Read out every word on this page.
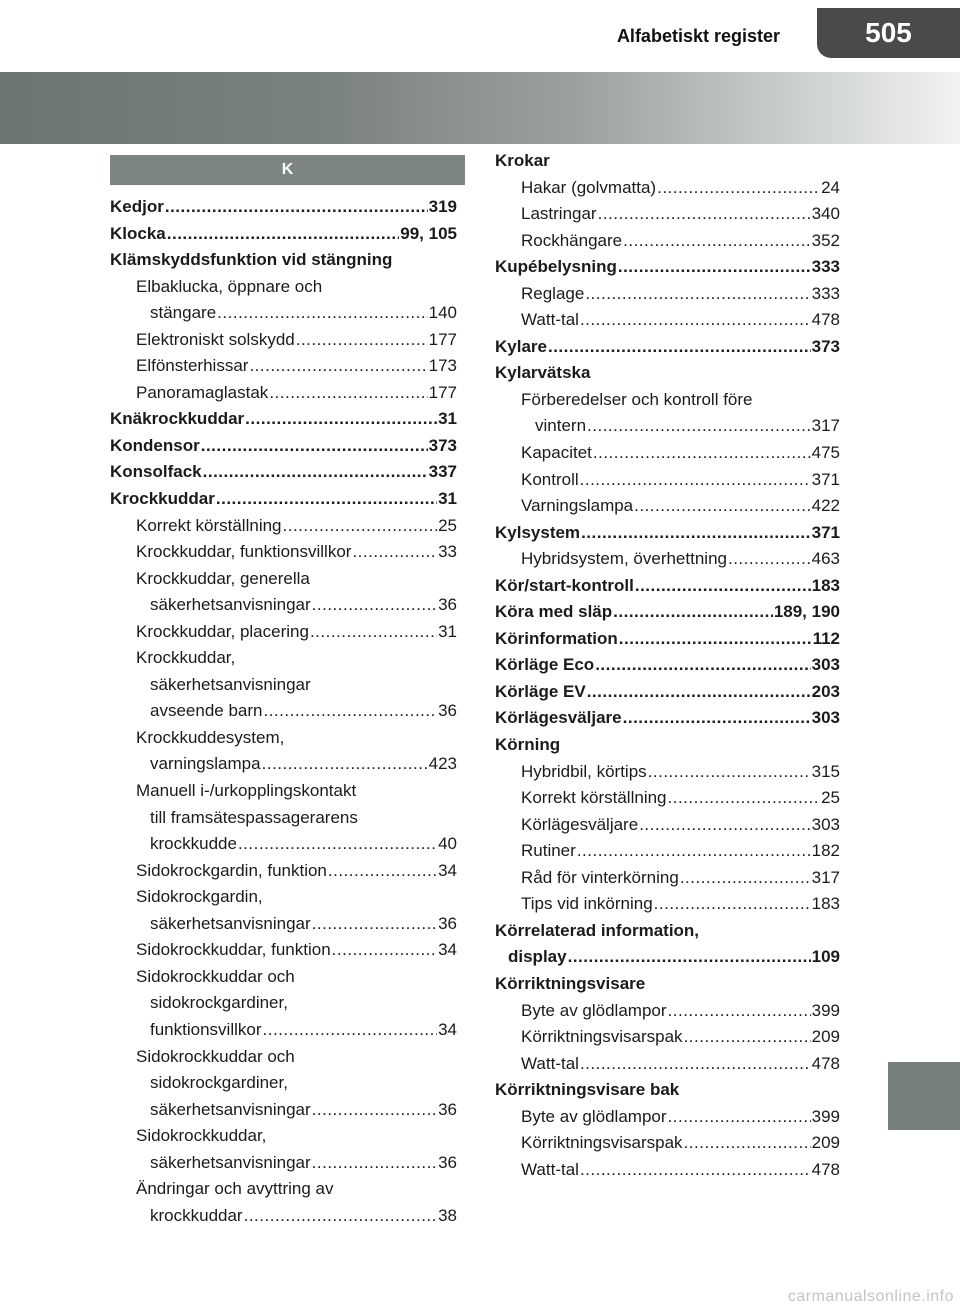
Alfabetiskt register	505
K
Kedjor .....	319
Klocka .....	99, 105
Klämskyddsfunktion vid stängning
Elbaklucka, öppnare och
stängare .....	140
Elektroniskt solskydd .....	177
Elfönsterhissar .....	173
Panoramaglastak .....	177
Knäkrockkuddar .....	31
Kondensor .....	373
Konsolfack .....	337
Krockkuddar .....	31
Korrekt körställning .....	25
Krockkuddar, funktionsvillkor .....	33
Krockkuddar, generella
säkerhetsanvisningar .....	36
Krockkuddar, placering .....	31
Krockkuddar,
säkerhetsanvisningar
avseende barn .....	36
Krockkuddesystem,
varningslampa .....	423
Manuell i-/urkopplingskontakt
till framsätespassagerarens
krockkudde .....	40
Sidokrockgardin, funktion .....	34
Sidokrockgardin,
säkerhetsanvisningar .....	36
Sidokrockkuddar, funktion .....	34
Sidokrockkuddar och
sidokrockgardiner,
funktionsvillkor .....	34
Sidokrockkuddar och
sidokrockgardiner,
säkerhetsanvisningar .....	36
Sidokrockkuddar,
säkerhetsanvisningar .....	36
Ändringar och avyttring av
krockkuddar .....	38
Krokar
Hakar (golvmatta) .....	24
Lastringar .....	340
Rockhängare .....	352
Kupébelysning .....	333
Reglage .....	333
Watt-tal .....	478
Kylare .....	373
Kylarvätska
Förberedelser och kontroll före
vintern .....	317
Kapacitet .....	475
Kontroll .....	371
Varningslampa .....	422
Kylsystem .....	371
Hybridsystem, överhettning .....	463
Kör/start-kontroll .....	183
Köra med släp .....	189, 190
Körinformation .....	112
Körläge Eco .....	303
Körläge EV .....	203
Körlägesväljare .....	303
Körning
Hybridbil, körtips .....	315
Korrekt körställning .....	25
Körlägesväljare .....	303
Rutiner .....	182
Råd för vinterkörning .....	317
Tips vid inkörning .....	183
Körrelaterad information,
display .....	109
Körriktningsvisare
Byte av glödlampor .....	399
Körriktningsvisarspak .....	209
Watt-tal .....	478
Körriktningsvisare bak
Byte av glödlampor .....	399
Körriktningsvisarspak .....	209
Watt-tal .....	478
carmanualsonline.info
